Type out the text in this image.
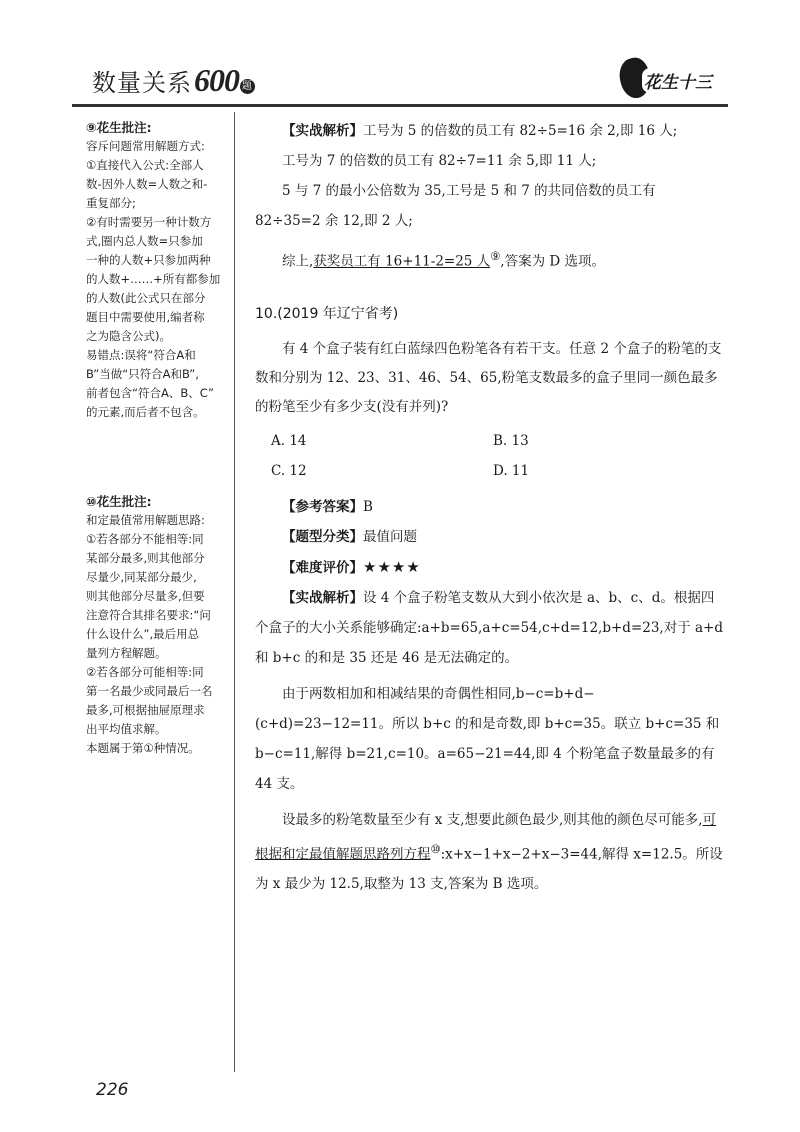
数量关系600 题	花生十三

⑨花生批注:

容斥问题常用解题方式:

①直接代入公式:全部人

数-因外人数=人数之和-

重复部分;

②有时需要另一种计数方

式,圈内总人数=只参加

一种的人数+只参加两种

的人数+……+所有都参加

的人数(此公式只在部分

题目中需要使用,编者称

之为隐含公式)。

易错点:误将“符合A和

B”当做“只符合A和B”,

前者包含“符合A、B、C”

的元素,而后者不包含。

⑩花生批注:

和定最值常用解题思路:

①若各部分不能相等:同

某部分最多,则其他部分

尽量少,同某部分最少,

则其他部分尽量多,但要

注意符合其排名要求:“问

什么设什么”,最后用总

量列方程解题。

②若各部分可能相等:同

第一名最少或同最后一名

最多,可根据抽屉原理求

出平均值求解。

本题属于第①种情况。

【实战解析】工号为 5 的倍数的员工有 82÷5=16 余 2,即 16 人;

工号为 7 的倍数的员工有 82÷7=11 余 5,即 11 人;

5 与 7 的最小公倍数为 35,工号是 5 和 7 的共同倍数的员工有 82÷35=2 余 12,即 2 人;

综上,获奖员工有 16+11-2=25 人⑨,答案为 D 选项。

10.(2019 年辽宁省考)

有 4 个盒子装有红白蓝绿四色粉笔各有若干支。任意 2 个盒子的粉笔的支数和分别为 12、23、31、46、54、65,粉笔支数最多的盒子里同一颜色最多的粉笔至少有多少支(没有并列)?

A. 14	B. 13
C. 12	D. 11

【参考答案】B

【题型分类】最值问题

【难度评价】★★★★

【实战解析】设 4 个盒子粉笔支数从大到小依次是 a、b、c、d。根据四个盒子的大小关系能够确定:a+b=65,a+c=54,c+d=12,b+d=23,对于 a+d 和 b+c 的和是 35 还是 46 是无法确定的。

由于两数相加和相减结果的奇偶性相同,b−c=b+d−(c+d)=23−12=11。所以 b+c 的和是奇数,即 b+c=35。联立 b+c=35 和 b−c=11,解得 b=21,c=10。a=65−21=44,即 4 个粉笔盒子数量最多的有 44 支。

设最多的粉笔数量至少有 x 支,想要此颜色最少,则其他的颜色尽可能多,可根据和定最值解题思路列方程⑩:x+x−1+x−2+x−3=44,解得 x=12.5。所设为 x 最少为 12.5,取整为 13 支,答案为 B 选项。

226
